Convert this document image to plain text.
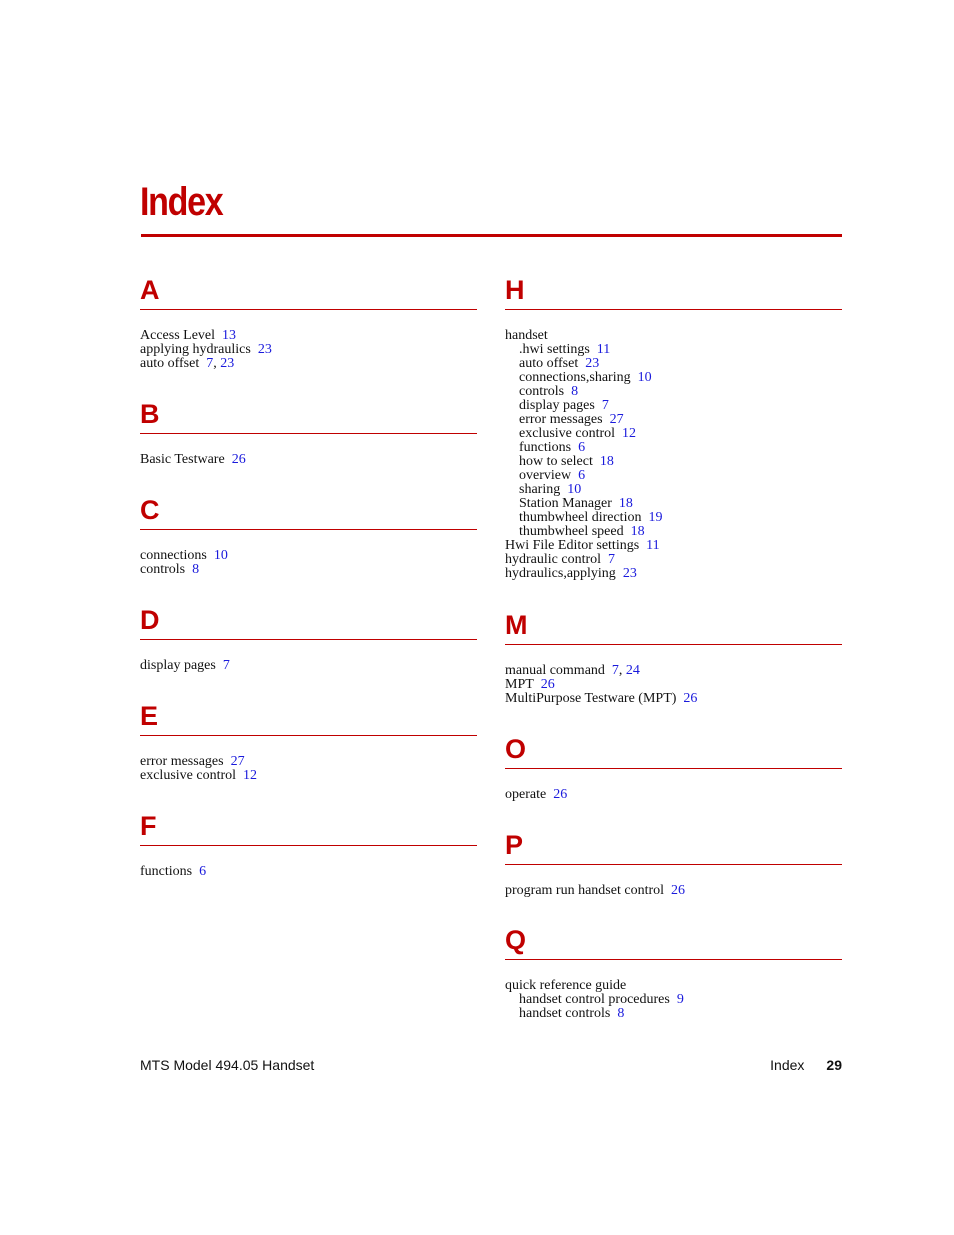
Index
A
Access Level 13
applying hydraulics 23
auto offset 7, 23
B
Basic Testware 26
C
connections 10
controls 8
D
display pages 7
E
error messages 27
exclusive control 12
F
functions 6
H
handset
.hwi settings 11
auto offset 23
connections,sharing 10
controls 8
display pages 7
error messages 27
exclusive control 12
functions 6
how to select 18
overview 6
sharing 10
Station Manager 18
thumbwheel direction 19
thumbwheel speed 18
Hwi File Editor settings 11
hydraulic control 7
hydraulics,applying 23
M
manual command 7, 24
MPT 26
MultiPurpose Testware (MPT) 26
O
operate 26
P
program run handset control 26
Q
quick reference guide
handset control procedures 9
handset controls 8
MTS Model 494.05 Handset	Index 29
